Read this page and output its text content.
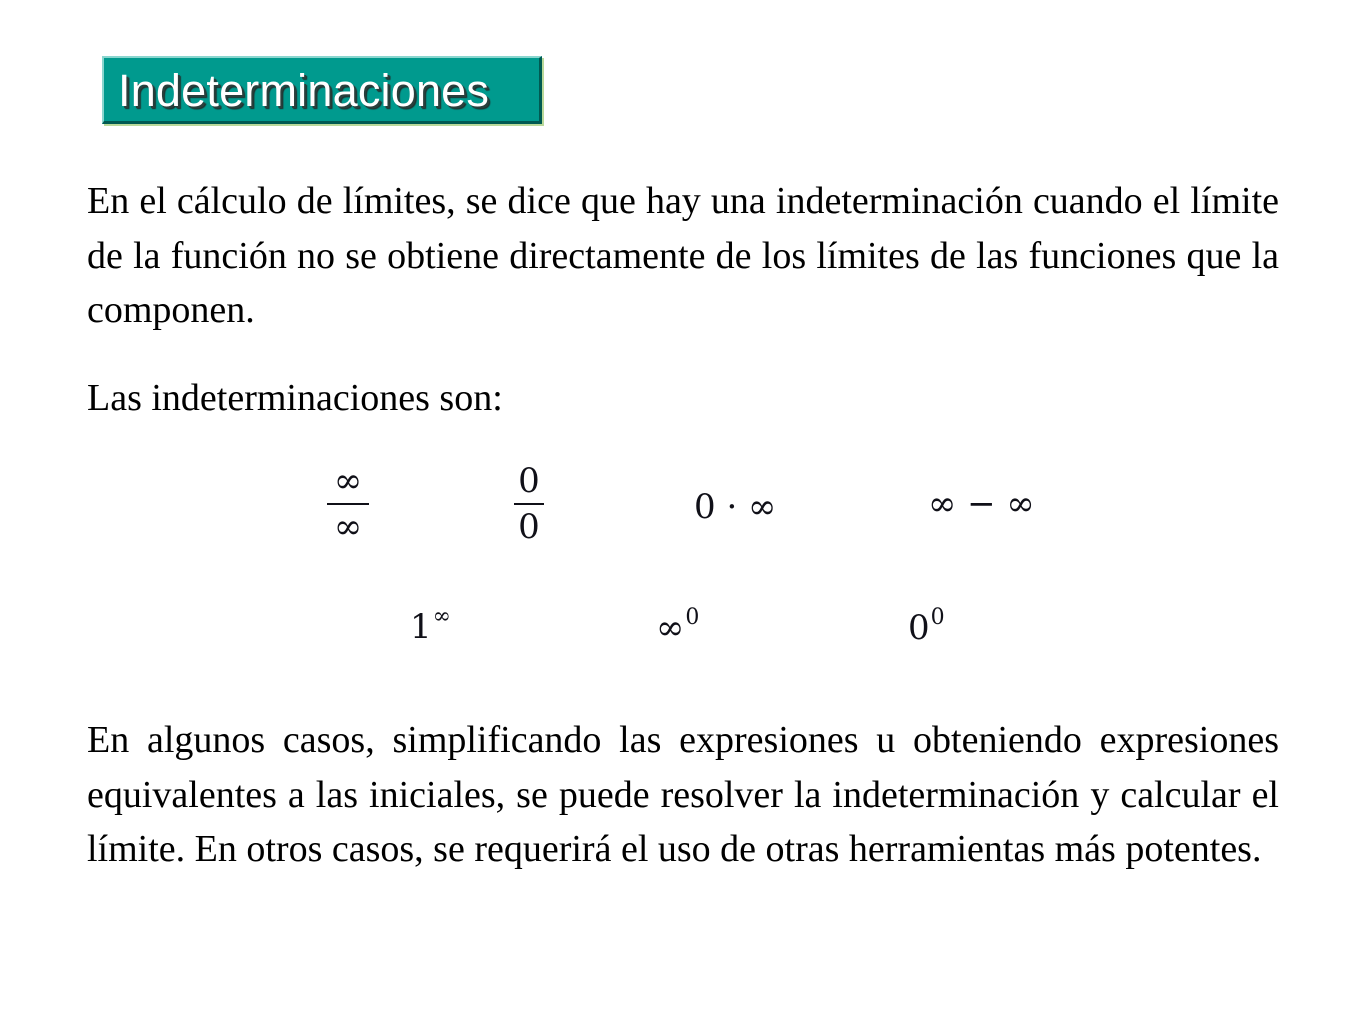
Indeterminaciones

En el cálculo de límites, se dice que hay una indeterminación cuando el límite de la función no se obtiene directamente de los límites de las funciones que la componen.

Las indeterminaciones son:

∞
∞
0
0	0 · ∞	∞ − ∞
1∞	∞0	00

En algunos casos, simplificando las expresiones u obteniendo expresiones equivalentes a las iniciales, se puede resolver la indeterminación y calcular el límite. En otros casos, se requerirá el uso de otras herramientas más potentes.
